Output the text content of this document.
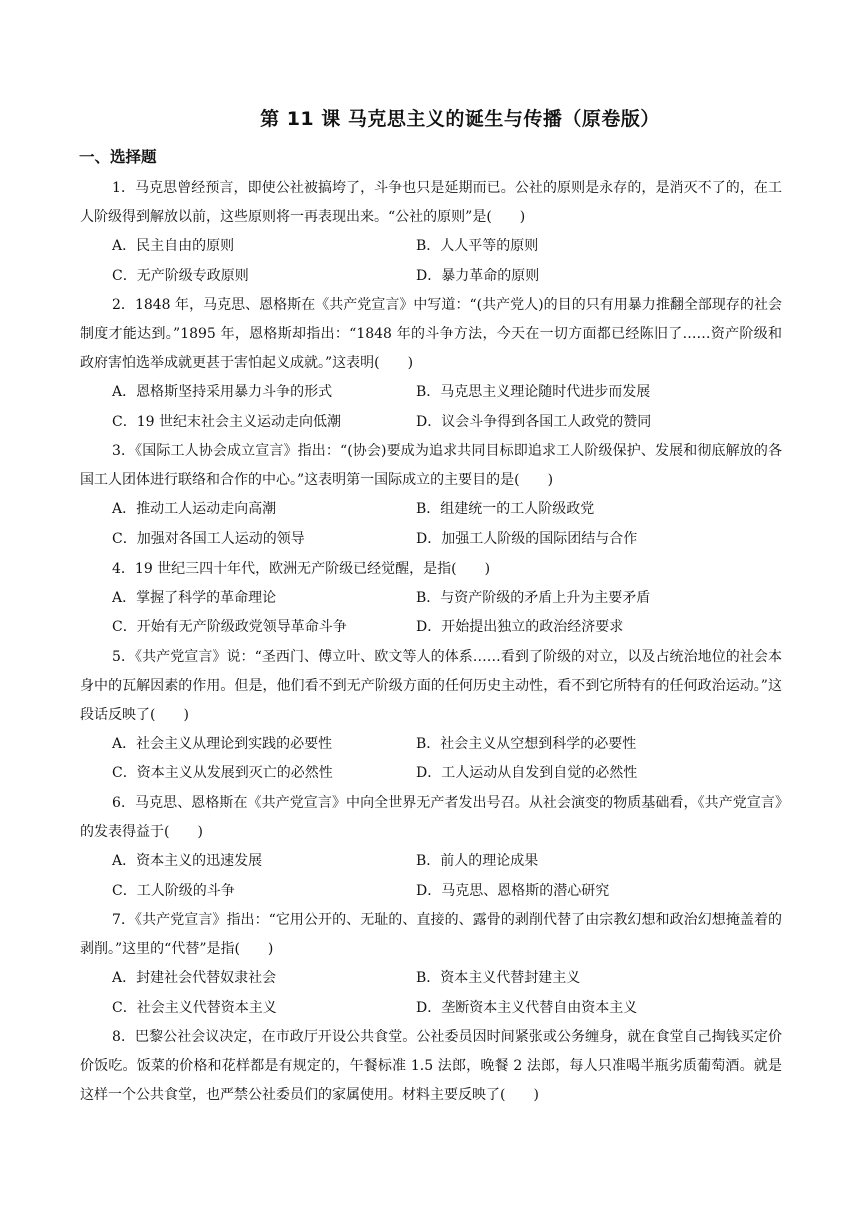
第 11 课 马克思主义的诞生与传播（原卷版）
一、选择题

1．马克思曾经预言，即使公社被搞垮了，斗争也只是延期而已。公社的原则是永存的，是消灭不了的，在工人阶级得到解放以前，这些原则将一再表现出来。“公社的原则”是(　　)

A．民主自由的原则	B．人人平等的原则
C．无产阶级专政原则	D．暴力革命的原则

2．1848 年，马克思、恩格斯在《共产党宣言》中写道：“(共产党人)的目的只有用暴力推翻全部现存的社会制度才能达到。”1895 年，恩格斯却指出：“1848 年的斗争方法，今天在一切方面都已经陈旧了……资产阶级和政府害怕选举成就更甚于害怕起义成就。”这表明(　　)

A．恩格斯坚持采用暴力斗争的形式	B．马克思主义理论随时代进步而发展
C．19 世纪末社会主义运动走向低潮	D．议会斗争得到各国工人政党的赞同

3．《国际工人协会成立宣言》指出：“(协会)要成为追求共同目标即追求工人阶级保护、发展和彻底解放的各国工人团体进行联络和合作的中心。”这表明第一国际成立的主要目的是(　　)

A．推动工人运动走向高潮	B．组建统一的工人阶级政党
C．加强对各国工人运动的领导	D．加强工人阶级的国际团结与合作

4．19 世纪三四十年代，欧洲无产阶级已经觉醒，是指(　　)

A．掌握了科学的革命理论	B．与资产阶级的矛盾上升为主要矛盾
C．开始有无产阶级政党领导革命斗争	D．开始提出独立的政治经济要求

5．《共产党宣言》说：“圣西门、傅立叶、欧文等人的体系……看到了阶级的对立，以及占统治地位的社会本身中的瓦解因素的作用。但是，他们看不到无产阶级方面的任何历史主动性，看不到它所特有的任何政治运动。”这段话反映了(　　)

A．社会主义从理论到实践的必要性	B．社会主义从空想到科学的必要性
C．资本主义从发展到灭亡的必然性	D．工人运动从自发到自觉的必然性

6．马克思、恩格斯在《共产党宣言》中向全世界无产者发出号召。从社会演变的物质基础看，《共产党宣言》的发表得益于(　　)

A．资本主义的迅速发展	B．前人的理论成果
C．工人阶级的斗争	D．马克思、恩格斯的潜心研究

7．《共产党宣言》指出：“它用公开的、无耻的、直接的、露骨的剥削代替了由宗教幻想和政治幻想掩盖着的剥削。”这里的“代替”是指(　　)

A．封建社会代替奴隶社会	B．资本主义代替封建主义
C．社会主义代替资本主义	D．垄断资本主义代替自由资本主义

8．巴黎公社会议决定，在市政厅开设公共食堂。公社委员因时间紧张或公务缠身，就在食堂自己掏钱买定价价饭吃。饭菜的价格和花样都是有规定的，午餐标准 1.5 法郎，晚餐 2 法郎，每人只准喝半瓶劣质葡萄酒。就是这样一个公共食堂，也严禁公社委员们的家属使用。材料主要反映了(　　)
